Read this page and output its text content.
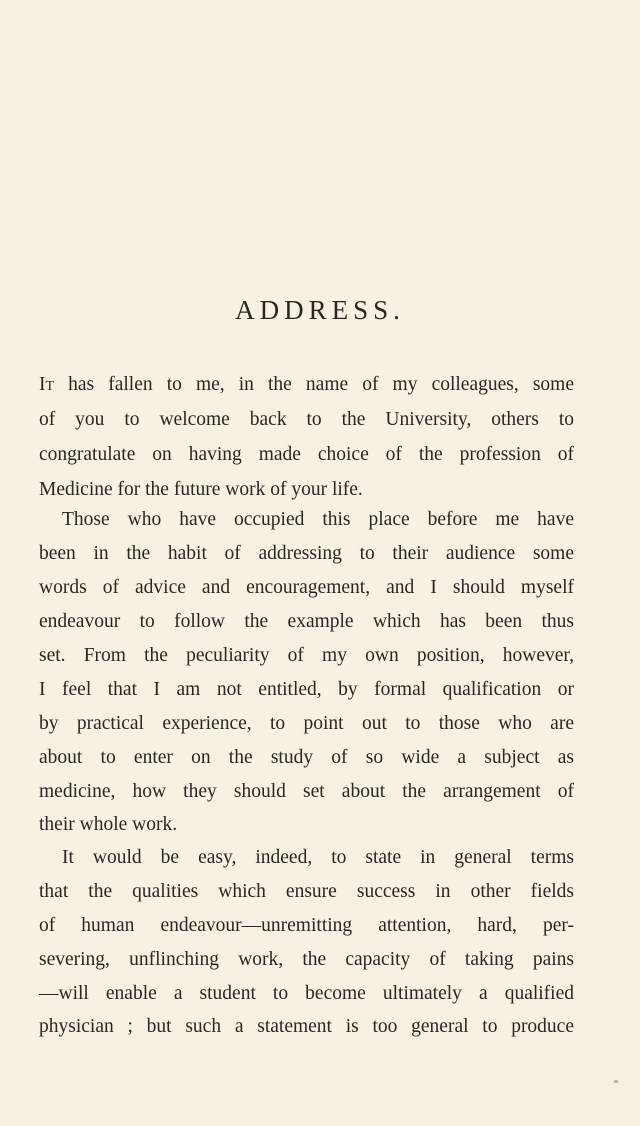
ADDRESS.
It has fallen to me, in the name of my colleagues, some
of you to welcome back to the University, others to
congratulate on having made choice of the profession of
Medicine for the future work of your life.
Those who have occupied this place before me have
been in the habit of addressing to their audience some
words of advice and encouragement, and I should myself
endeavour to follow the example which has been thus
set. From the peculiarity of my own position, however,
I feel that I am not entitled, by formal qualification or
by practical experience, to point out to those who are
about to enter on the study of so wide a subject as
medicine, how they should set about the arrangement of
their whole work.
It would be easy, indeed, to state in general terms
that the qualities which ensure success in other fields
of human endeavour—unremitting attention, hard, per-
severing, unflinching work, the capacity of taking pains
—will enable a student to become ultimately a qualified
physician ; but such a statement is too general to produce
